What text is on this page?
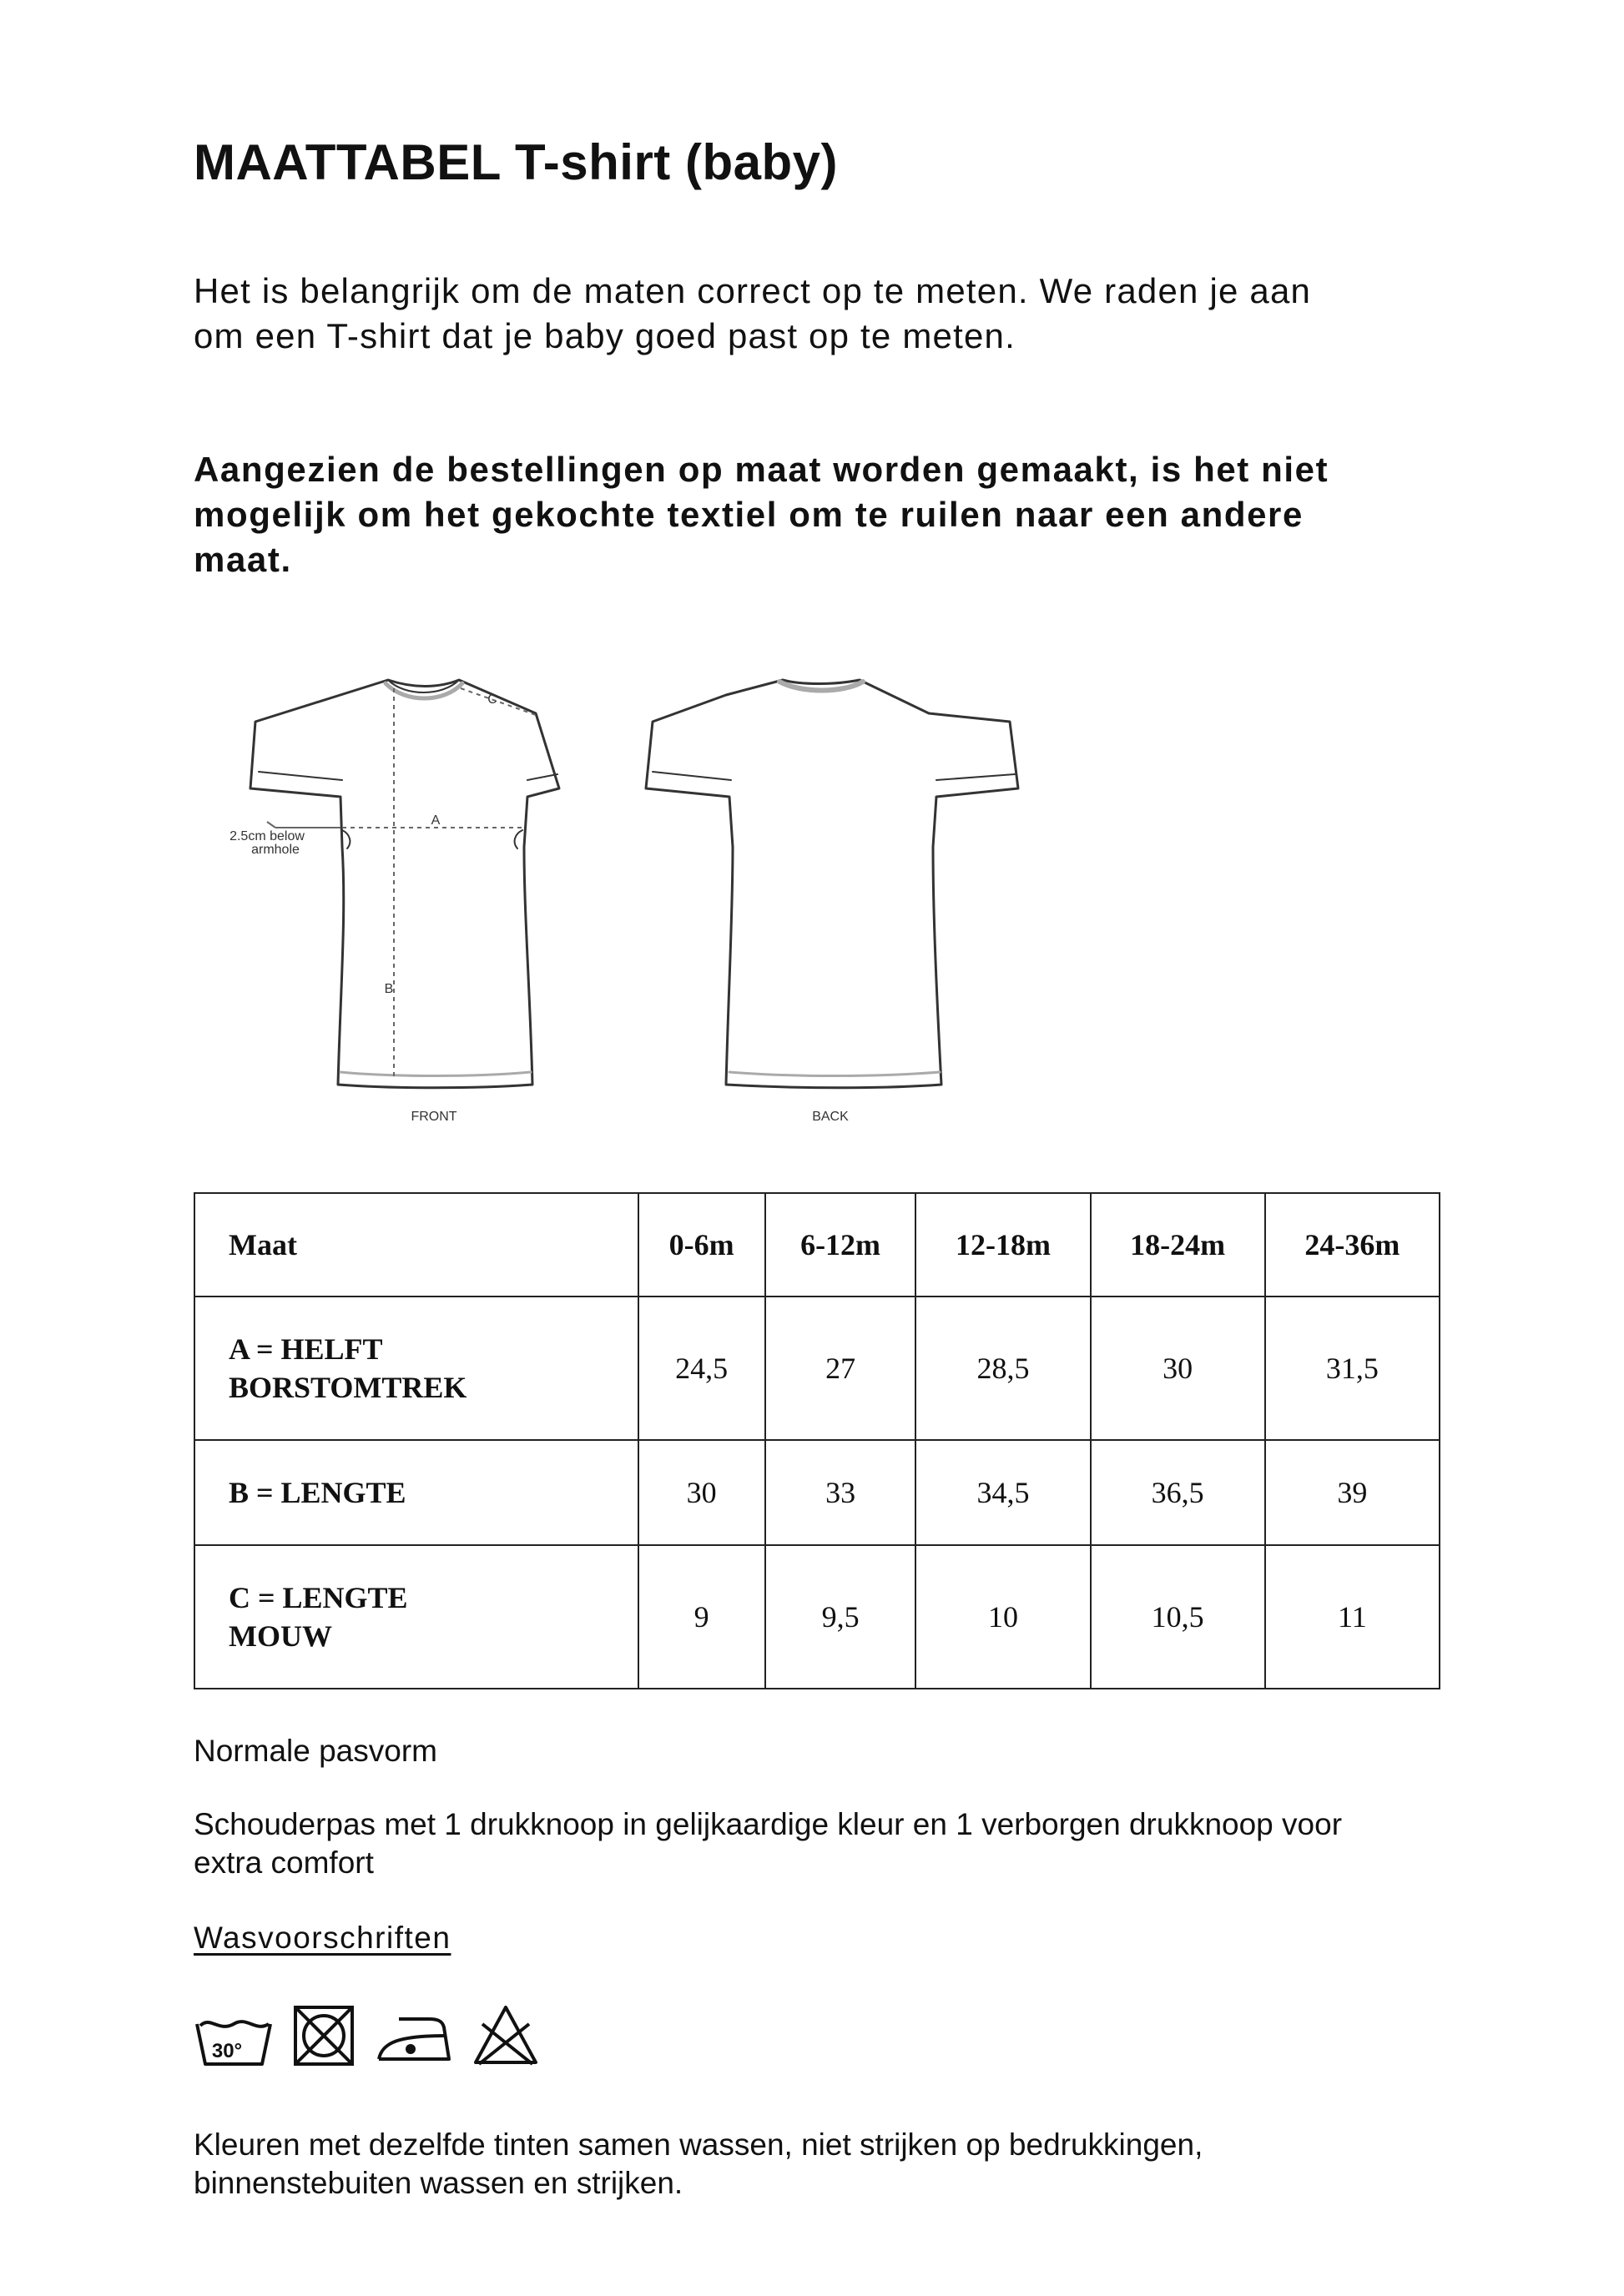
MAATTABEL T-shirt (baby)

Het is belangrijk om de maten correct op te meten. We raden je aan om een T-shirt dat je baby goed past op te meten.

Aangezien de bestellingen op maat worden gemaakt, is het niet mogelijk om het gekochte textiel om te ruilen naar een andere maat.

A
B
C
2.5cm below
armhole
FRONT	BACK
Maat	0-6m	6-12m	12-18m	18-24m	24-36m
A = HELFT
BORSTOMTREK	24,5	27	28,5	30	31,5
B = LENGTE	30	33	34,5	36,5	39
C = LENGTE
MOUW	9	9,5	10	10,5	11

Normale pasvorm

Schouderpas met 1 drukknoop in gelijkaardige kleur en 1 verborgen drukknoop voor extra comfort

Wasvoorschriften

30°

Kleuren met dezelfde tinten samen wassen, niet strijken op bedrukkingen, binnenstebuiten wassen en strijken.
